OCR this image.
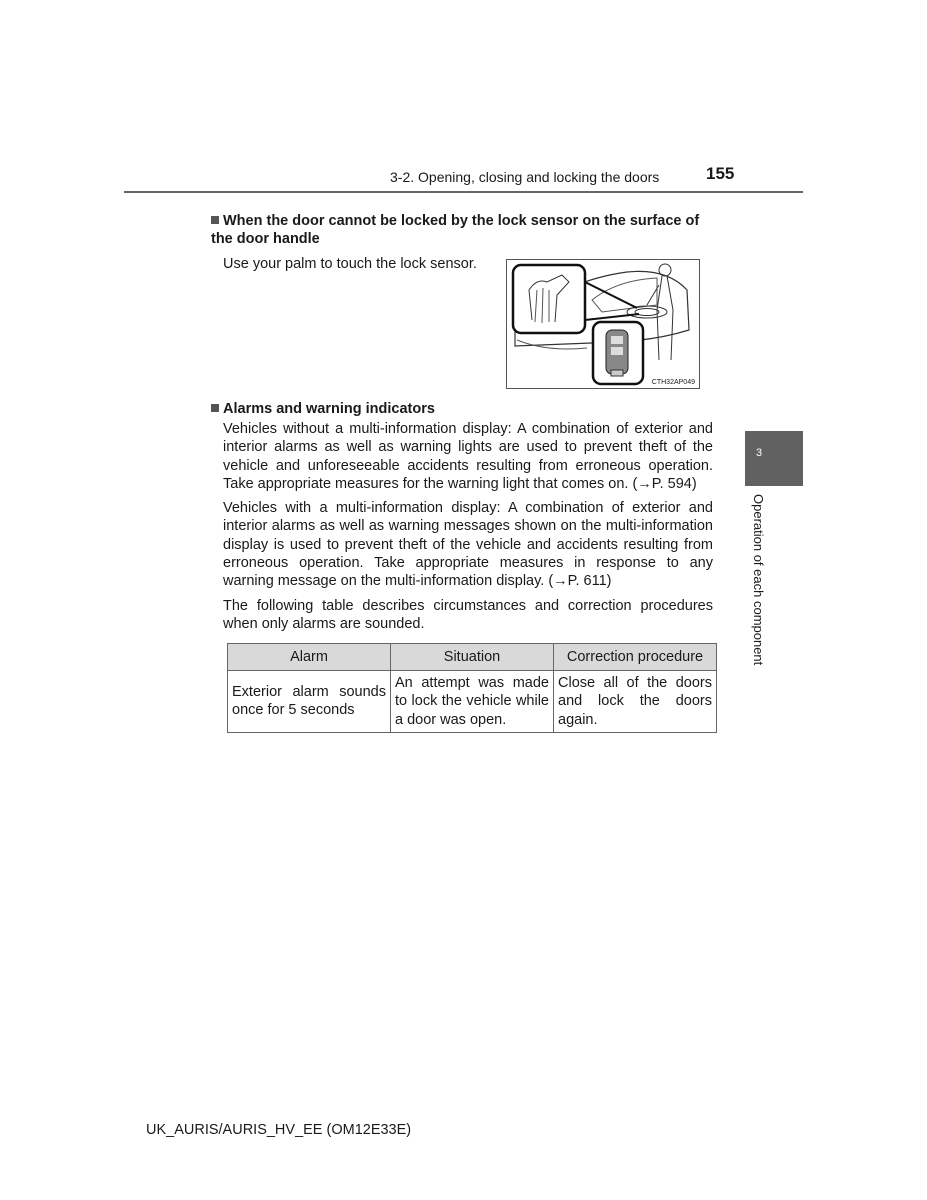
3-2. Opening, closing and locking the doors	155
When the door cannot be locked by the lock sensor on the surface of the door handle
Use your palm to touch the lock sensor.
CTH32AP049
Alarms and warning indicators
Vehicles without a multi-information display: A combination of exterior and interior alarms as well as warning lights are used to prevent theft of the vehicle and unforeseeable accidents resulting from erroneous operation. Take appropriate measures for the warning light that comes on. (→P. 594)
Vehicles with a multi-information display: A combination of exterior and interior alarms as well as warning messages shown on the multi-information display is used to prevent theft of the vehicle and accidents resulting from erroneous operation. Take appropriate measures in response to any warning message on the multi-information display. (→P. 611)
The following table describes circumstances and correction procedures when only alarms are sounded.
Alarm	Situation	Correction procedure
Exterior alarm sounds once for 5 seconds	An attempt was made to lock the vehicle while a door was open.	Close all of the doors and lock the doors again.
3
Operation of each component
UK_AURIS/AURIS_HV_EE (OM12E33E)
